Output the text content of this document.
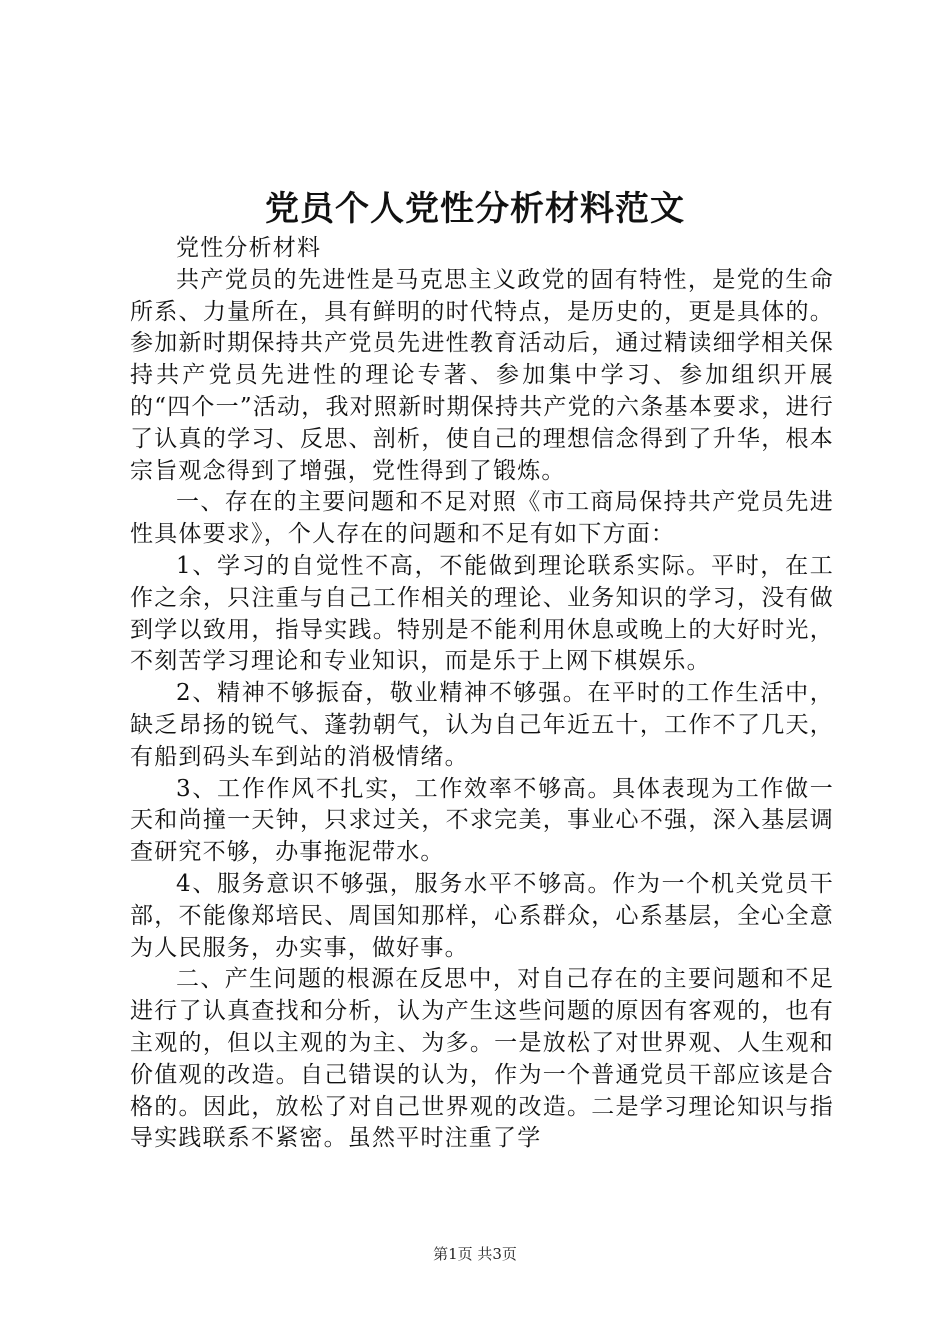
党员个人党性分析材料范文

党性分析材料

共产党员的先进性是马克思主义政党的固有特性，是党的生命所系、力量所在，具有鲜明的时代特点，是历史的，更是具体的。参加新时期保持共产党员先进性教育活动后，通过精读细学相关保持共产党员先进性的理论专著、参加集中学习、参加组织开展的“四个一”活动，我对照新时期保持共产党的六条基本要求，进行了认真的学习、反思、剖析，使自己的理想信念得到了升华，根本宗旨观念得到了增强，党性得到了锻炼。

一、存在的主要问题和不足对照《市工商局保持共产党员先进性具体要求》，个人存在的问题和不足有如下方面：

1、学习的自觉性不高，不能做到理论联系实际。平时，在工作之余，只注重与自己工作相关的理论、业务知识的学习，没有做到学以致用，指导实践。特别是不能利用休息或晚上的大好时光，不刻苦学习理论和专业知识，而是乐于上网下棋娱乐。

2、精神不够振奋，敬业精神不够强。在平时的工作生活中，缺乏昂扬的锐气、蓬勃朝气，认为自己年近五十，工作不了几天，有船到码头车到站的消极情绪。

3、工作作风不扎实，工作效率不够高。具体表现为工作做一天和尚撞一天钟，只求过关，不求完美，事业心不强，深入基层调查研究不够，办事拖泥带水。

4、服务意识不够强，服务水平不够高。作为一个机关党员干部，不能像郑培民、周国知那样，心系群众，心系基层，全心全意为人民服务，办实事，做好事。

二、产生问题的根源在反思中，对自己存在的主要问题和不足进行了认真查找和分析，认为产生这些问题的原因有客观的，也有主观的，但以主观的为主、为多。一是放松了对世界观、人生观和价值观的改造。自己错误的认为，作为一个普通党员干部应该是合格的。因此，放松了对自己世界观的改造。二是学习理论知识与指导实践联系不紧密。虽然平时注重了学

第1页 共3页
